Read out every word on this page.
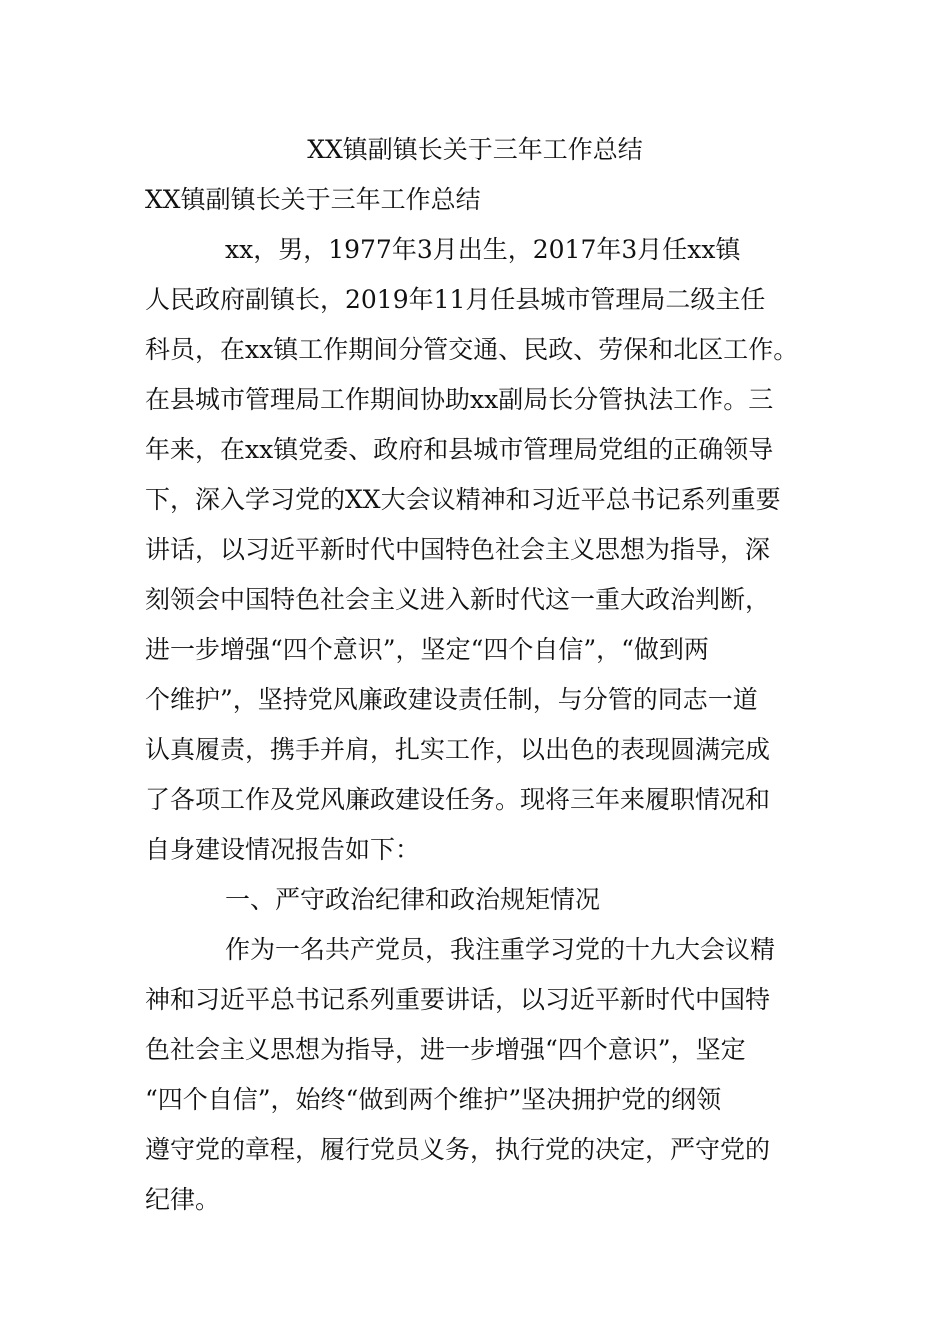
XX镇副镇长关于三年工作总结
XX镇副镇长关于三年工作总结
xx，男，1977年3月出生，2017年3月任xx镇
人民政府副镇长，2019年11月任县城市管理局二级主任
科员，在xx镇工作期间分管交通、民政、劳保和北区工作。
在县城市管理局工作期间协助xx副局长分管执法工作。三
年来，在xx镇党委、政府和县城市管理局党组的正确领导
下，深入学习党的XX大会议精神和习近平总书记系列重要
讲话，以习近平新时代中国特色社会主义思想为指导，深
刻领会中国特色社会主义进入新时代这一重大政治判断，
进一步增强“四个意识”，坚定“四个自信”，“做到两
个维护”，坚持党风廉政建设责任制，与分管的同志一道
认真履责，携手并肩，扎实工作，以出色的表现圆满完成
了各项工作及党风廉政建设任务。现将三年来履职情况和
自身建设情况报告如下：
一、严守政治纪律和政治规矩情况
作为一名共产党员，我注重学习党的十九大会议精
神和习近平总书记系列重要讲话，以习近平新时代中国特
色社会主义思想为指导，进一步增强“四个意识”，坚定
“四个自信”，始终“做到两个维护”坚决拥护党的纲领
遵守党的章程，履行党员义务，执行党的决定，严守党的
纪律。
